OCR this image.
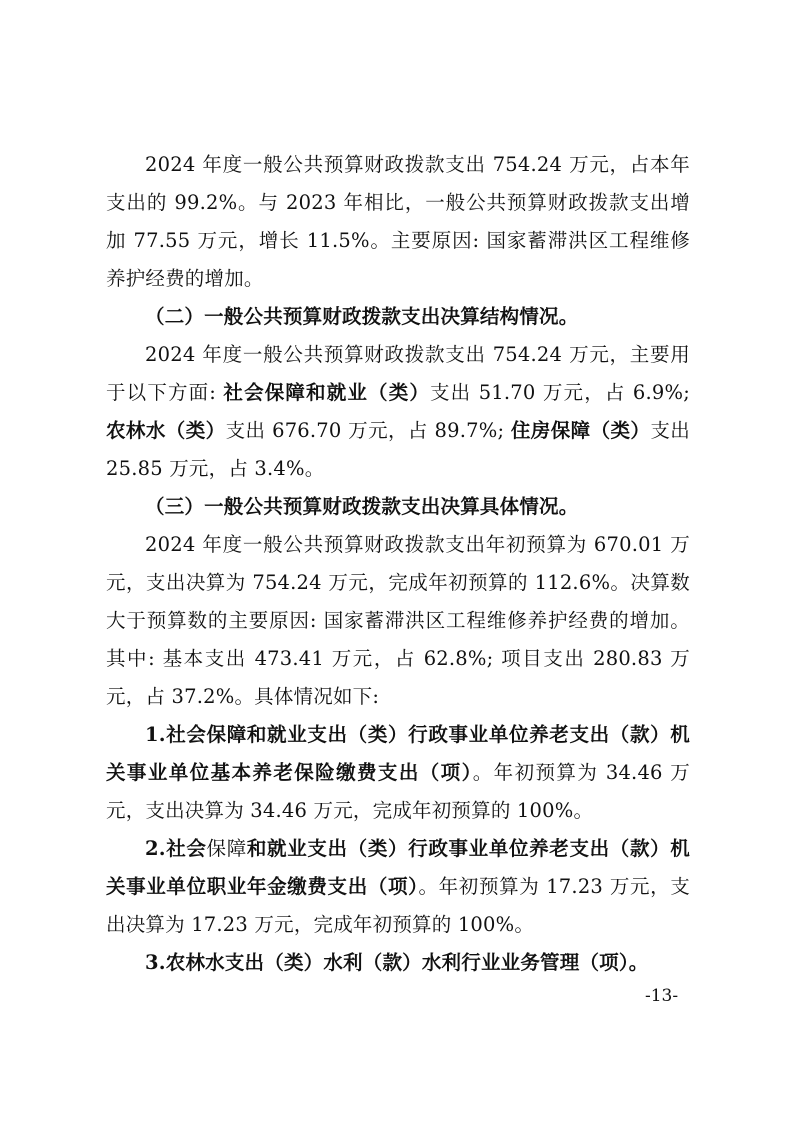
2024 年度一般公共预算财政拨款支出 754.24 万元，占本年支出的 99.2%。与 2023 年相比，一般公共预算财政拨款支出增加 77.55 万元，增长 11.5%。主要原因: 国家蓄滞洪区工程维修养护经费的增加。

（二）一般公共预算财政拨款支出决算结构情况。

2024 年度一般公共预算财政拨款支出 754.24 万元，主要用于以下方面: 社会保障和就业（类）支出 51.70 万元，占 6.9%; 农林水（类）支出 676.70 万元，占 89.7%; 住房保障（类）支出 25.85 万元，占 3.4%。

（三）一般公共预算财政拨款支出决算具体情况。

2024 年度一般公共预算财政拨款支出年初预算为 670.01 万元，支出决算为 754.24 万元，完成年初预算的 112.6%。决算数大于预算数的主要原因: 国家蓄滞洪区工程维修养护经费的增加。其中: 基本支出 473.41 万元，占 62.8%; 项目支出 280.83 万元，占 37.2%。具体情况如下:

1.社会保障和就业支出（类）行政事业单位养老支出（款）机关事业单位基本养老保险缴费支出（项）。年初预算为 34.46 万元，支出决算为 34.46 万元，完成年初预算的 100%。

2.社会保障和就业支出（类）行政事业单位养老支出（款）机关事业单位职业年金缴费支出（项）。年初预算为 17.23 万元，支出决算为 17.23 万元，完成年初预算的 100%。

3.农林水支出（类）水利（款）水利行业业务管理（项）。

-13-
